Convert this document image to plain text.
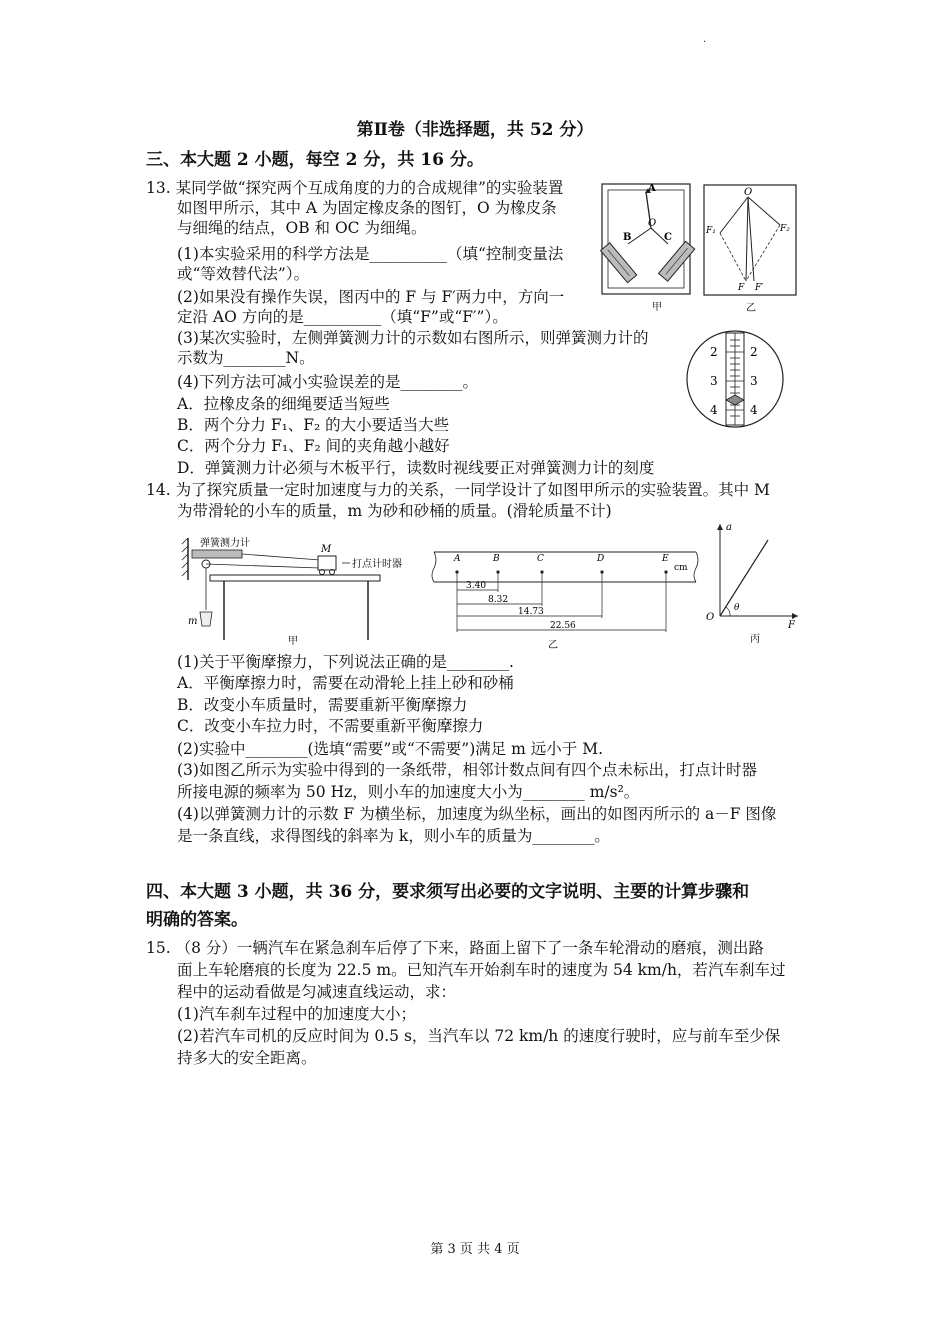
.
第Ⅱ卷（非选择题，共 52 分）
三、本大题 2 小题，每空 2 分，共 16 分。
13. 某同学做“探究两个互成角度的力的合成规律”的实验装置
如图甲所示，其中 A 为固定橡皮条的图钉，O 为橡皮条
与细绳的结点，OB 和 OC 为细绳。
(1)本实验采用的科学方法是__________（填“控制变量法
或“等效替代法”）。
(2)如果没有操作失误，图丙中的 F 与 F′两力中，方向一
定沿 AO 方向的是__________（填“F”或“F′”）。
(3)某次实验时，左侧弹簧测力计的示数如右图所示，则弹簧测力计的
示数为________N。
(4)下列方法可减小实验误差的是________。
A．拉橡皮条的细绳要适当短些
B．两个分力 F₁、F₂ 的大小要适当大些
C．两个分力 F₁、F₂ 间的夹角越小越好
D．弹簧测力计必须与木板平行，读数时视线要正对弹簧测力计的刻度
A
O
B	C
甲
O
F₁	F₂
F F′
乙
2
3
4
2
3
4
14. 为了探究质量一定时加速度与力的关系，一同学设计了如图甲所示的实验装置。其中 M
为带滑轮的小车的质量，m 为砂和砂桶的质量。(滑轮质量不计)
弹簧测力计
M
打点计时器
m
甲
cm
A	B	C	D	E
3.40
8.32
14.73
22.56
乙
a
O
F
θ
丙
(1)关于平衡摩擦力，下列说法正确的是________.
A．平衡摩擦力时，需要在动滑轮上挂上砂和砂桶
B．改变小车质量时，需要重新平衡摩擦力
C．改变小车拉力时，不需要重新平衡摩擦力
(2)实验中________(选填“需要”或“不需要”)满足 m 远小于 M.
(3)如图乙所示为实验中得到的一条纸带，相邻计数点间有四个点未标出，打点计时器
所接电源的频率为 50 Hz，则小车的加速度大小为________ m/s²。
(4)以弹簧测力计的示数 F 为横坐标，加速度为纵坐标，画出的如图丙所示的 a－F 图像
是一条直线，求得图线的斜率为 k，则小车的质量为________。
四、本大题 3 小题，共 36 分，要求须写出必要的文字说明、主要的计算步骤和
明确的答案。
15. （8 分）一辆汽车在紧急刹车后停了下来，路面上留下了一条车轮滑动的磨痕，测出路
面上车轮磨痕的长度为 22.5 m。已知汽车开始刹车时的速度为 54 km/h，若汽车刹车过
程中的运动看做是匀减速直线运动，求：
(1)汽车刹车过程中的加速度大小；
(2)若汽车司机的反应时间为 0.5 s，当汽车以 72 km/h 的速度行驶时，应与前车至少保
持多大的安全距离。
第 3 页 共 4 页
